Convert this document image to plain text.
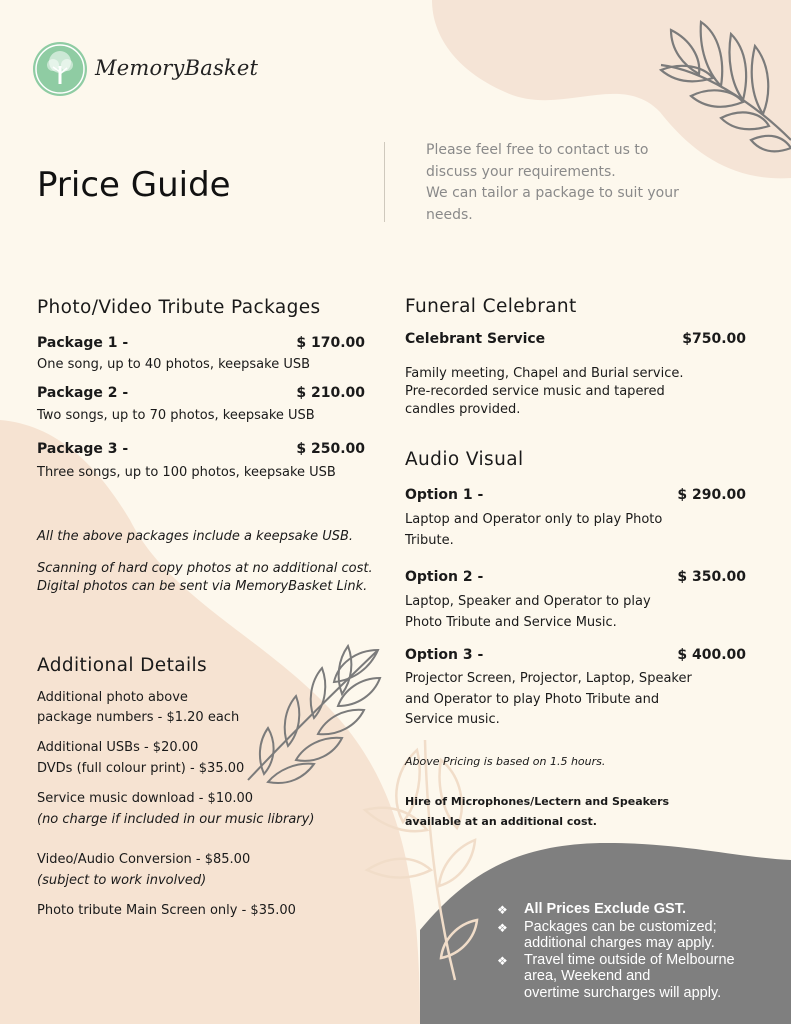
MemoryBasket
Price Guide
Please feel free to contact us to
discuss your requirements.
We can tailor a package to suit your
needs.
Photo/Video Tribute Packages
Package 1 -	$ 170.00
One song, up to 40 photos, keepsake USB
Package 2 -	$ 210.00
Two songs, up to 70 photos, keepsake USB
Package 3 -	$ 250.00
Three songs, up to 100 photos, keepsake USB
All the above packages include a keepsake USB.
Scanning of hard copy photos at no additional cost.
Digital photos can be sent via MemoryBasket Link.
Additional Details
Additional photo above
package numbers - $1.20 each
Additional USBs - $20.00
DVDs (full colour print) - $35.00
Service music download - $10.00
(no charge if included in our music library)
Video/Audio Conversion - $85.00
(subject to work involved)
Photo tribute Main Screen only - $35.00
Funeral Celebrant
Celebrant Service	$750.00
Family meeting, Chapel and Burial service.
Pre-recorded service music and tapered
candles provided.
Audio Visual
Option 1 -	$ 290.00
Laptop and Operator only to play Photo
Tribute.
Option 2 -	$ 350.00
Laptop, Speaker and Operator to play
Photo Tribute and Service Music.
Option 3 -	$ 400.00
Projector Screen, Projector, Laptop, Speaker
and Operator to play Photo Tribute and
Service music.
Above Pricing is based on 1.5 hours.
Hire of Microphones/Lectern and Speakers
available at an additional cost.
❖	All Prices Exclude GST.
❖	Packages can be customized;
additional charges may apply.
❖	Travel time outside of Melbourne
area, Weekend and
overtime surcharges will apply.
